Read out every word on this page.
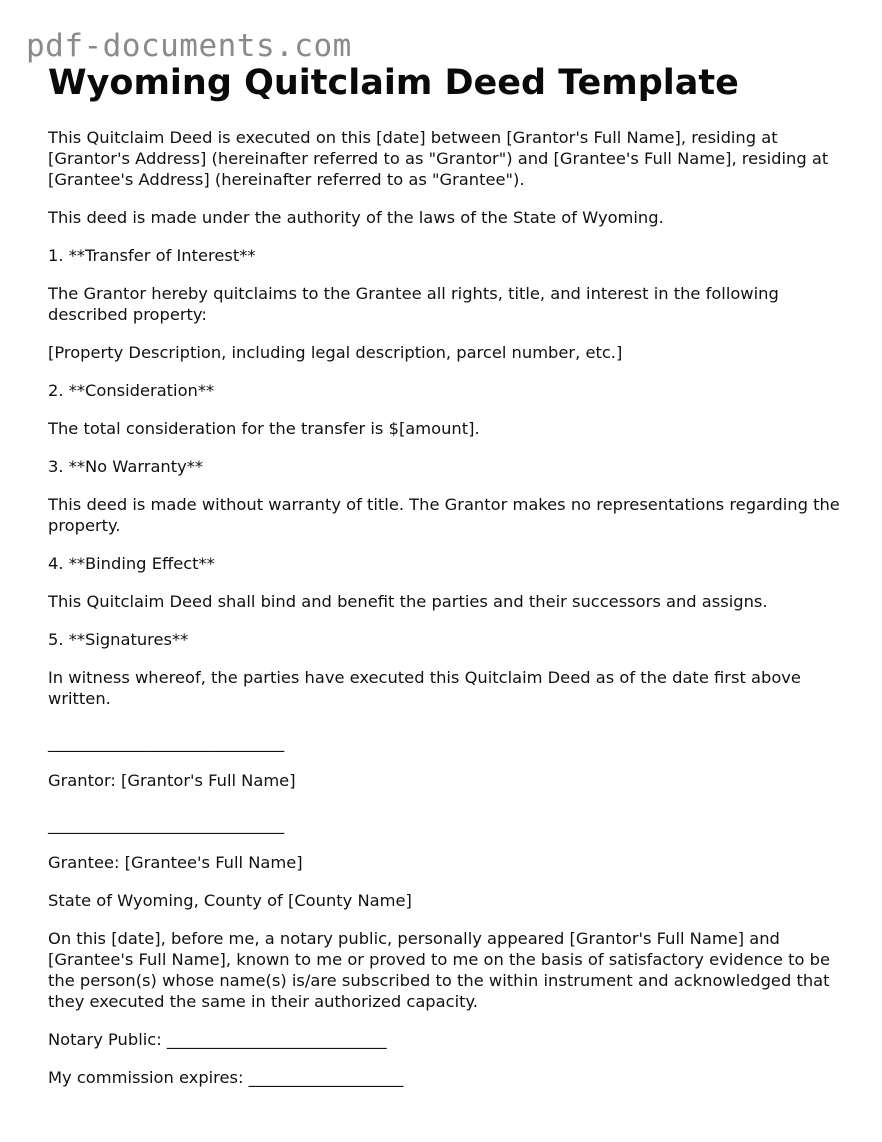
pdf-documents.com
Wyoming Quitclaim Deed Template

This Quitclaim Deed is executed on this [date] between [Grantor's Full Name], residing at [Grantor's Address] (hereinafter referred to as "Grantor") and [Grantee's Full Name], residing at [Grantee's Address] (hereinafter referred to as "Grantee").

This deed is made under the authority of the laws of the State of Wyoming.

1. **Transfer of Interest**

The Grantor hereby quitclaims to the Grantee all rights, title, and interest in the following described property:

[Property Description, including legal description, parcel number, etc.]

2. **Consideration**

The total consideration for the transfer is $[amount].

3. **No Warranty**

This deed is made without warranty of title. The Grantor makes no representations regarding the property.

4. **Binding Effect**

This Quitclaim Deed shall bind and benefit the parties and their successors and assigns.

5. **Signatures**

In witness whereof, the parties have executed this Quitclaim Deed as of the date first above written.

_____________________________

Grantor: [Grantor's Full Name]

_____________________________

Grantee: [Grantee's Full Name]

State of Wyoming, County of [County Name]

On this [date], before me, a notary public, personally appeared [Grantor's Full Name] and [Grantee's Full Name], known to me or proved to me on the basis of satisfactory evidence to be the person(s) whose name(s) is/are subscribed to the within instrument and acknowledged that they executed the same in their authorized capacity.

Notary Public: ___________________________

My commission expires: ___________________
